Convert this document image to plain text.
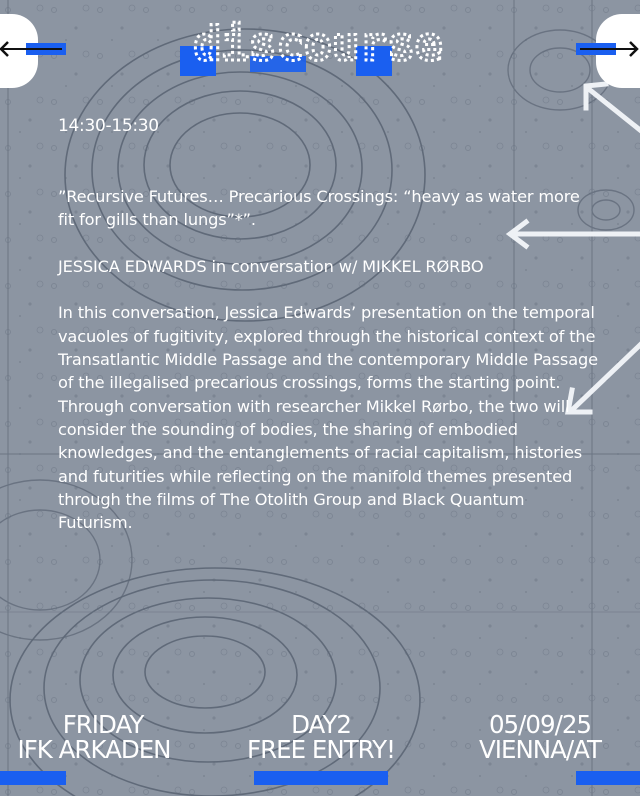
discourse
14:30-15:30

”Recursive Futures… Precarious Crossings: “heavy as water more fit for gills than lungs”*”.

JESSICA EDWARDS in conversation w/ MIKKEL RØRBO

In this conversation, Jessica Edwards’ presentation on the temporal vacuoles of fugitivity, explored through the historical context of the Transatlantic Middle Passage and the contemporary Middle Passage of the illegalised precarious crossings, forms the starting point. Through conversation with researcher Mikkel Rørbo, the two will consider the sounding of bodies, the sharing of embodied knowledges, and the entanglements of racial capitalism, histories and futurities while reflecting on the manifold themes presented through the films of The Otolith Group and Black Quantum Futurism.

FRIDAY
IFK ARKADEN
DAY2
FREE ENTRY!
05/09/25
VIENNA/AT
